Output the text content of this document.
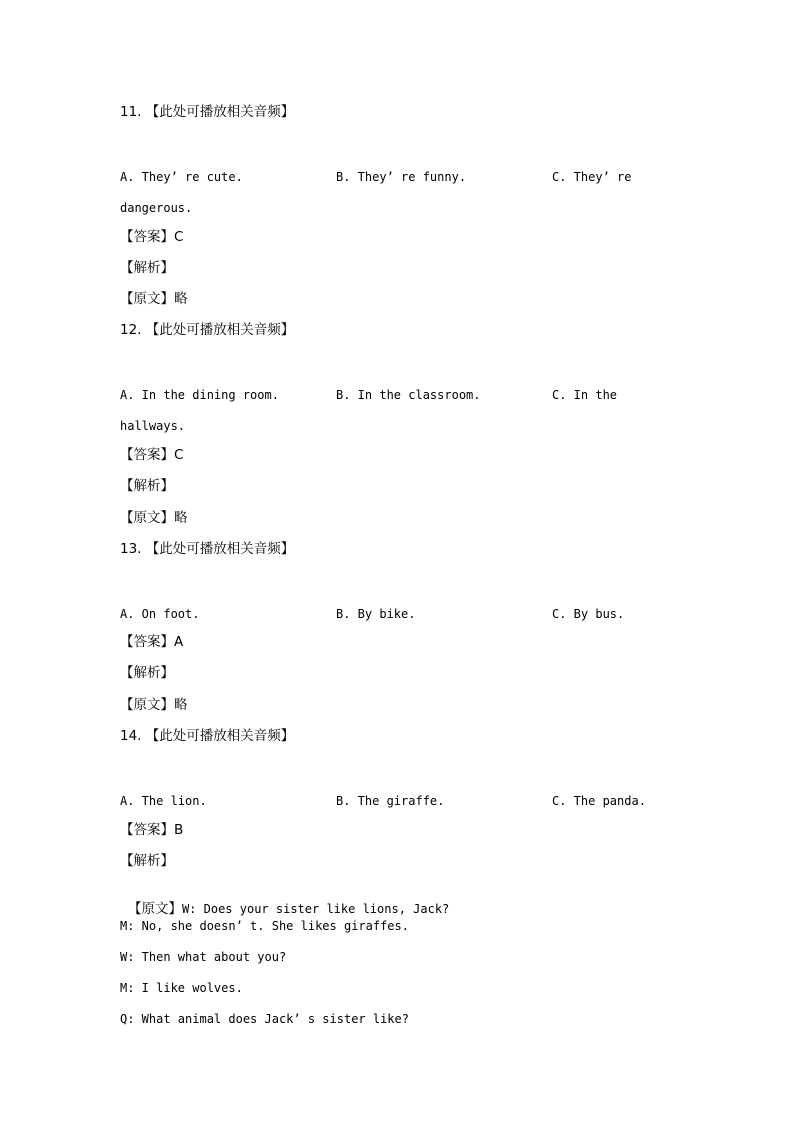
11. 【此处可播放相关音频】
A. They’ re cute.	B. They’ re funny.	C. They’ re
dangerous.
【答案】C
【解析】
【原文】略
12. 【此处可播放相关音频】
A. In the dining room.	B. In the classroom.	C. In the
hallways.
【答案】C
【解析】
【原文】略
13. 【此处可播放相关音频】
A. On foot.	B. By bike.	C. By bus.
【答案】A
【解析】
【原文】略
14. 【此处可播放相关音频】
A. The lion.	B. The giraffe.	C. The panda.
【答案】B
【解析】

【原文】W: Does your sister like lions, Jack?

M: No, she doesn’ t. She likes giraffes.
W: Then what about you?
M: I like wolves.
Q: What animal does Jack’ s sister like?
